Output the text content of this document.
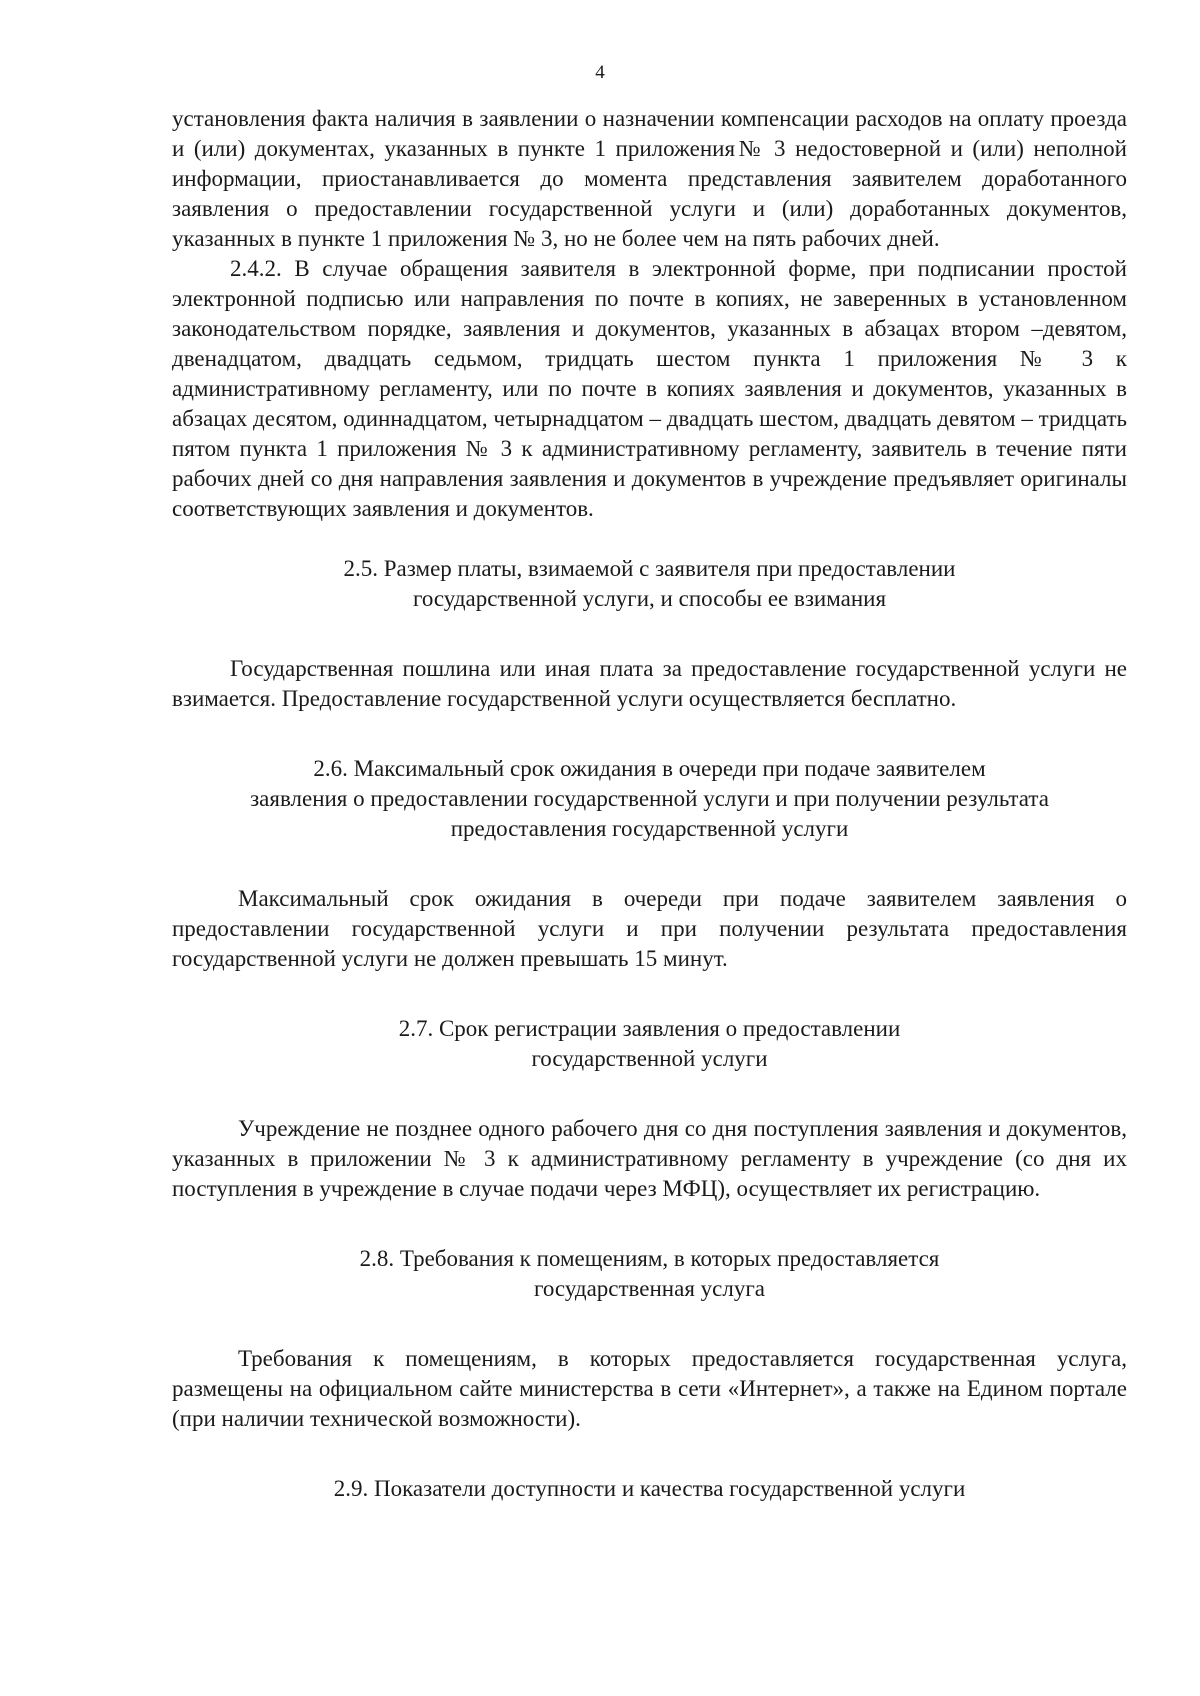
4

установления факта наличия в заявлении о назначении компенсации расходов на оплату проезда и (или) документах, указанных в пункте 1 приложения№ 3 недостоверной и (или) неполной информации, приостанавливается до момента представления заявителем доработанного заявления о предоставлении государственной услуги и (или) доработанных документов, указанных в пункте 1 приложения № 3, но не более чем на пять рабочих дней.

2.4.2. В случае обращения заявителя в электронной форме, при подписании простой электронной подписью или направления по почте в копиях, не заверенных в установленном законодательством порядке, заявления и документов, указанных в абзацах втором –девятом, двенадцатом, двадцать седьмом, тридцать шестом пункта 1 приложения № 3 к административному регламенту, или по почте в копиях заявления и документов, указанных в абзацах десятом, одиннадцатом, четырнадцатом – двадцать шестом, двадцать девятом – тридцать пятом пункта 1 приложения № 3 к административному регламенту, заявитель в течение пяти рабочих дней со дня направления заявления и документов в учреждение предъявляет оригиналы соответствующих заявления и документов.

2.5. Размер платы, взимаемой с заявителя при предоставлении
государственной услуги, и способы ее взимания

Государственная пошлина или иная плата за предоставление государственной услуги не взимается. Предоставление государственной услуги осуществляется бесплатно.

2.6. Максимальный срок ожидания в очереди при подаче заявителем
заявления о предоставлении государственной услуги и при получении результата
предоставления государственной услуги

Максимальный срок ожидания в очереди при подаче заявителем заявления о предоставлении государственной услуги и при получении результата предоставления государственной услуги не должен превышать 15 минут.

2.7. Срок регистрации заявления о предоставлении
государственной услуги

Учреждение не позднее одного рабочего дня со дня поступления заявления и документов, указанных в приложении № 3 к административному регламенту в учреждение (со дня их поступления в учреждение в случае подачи через МФЦ), осуществляет их регистрацию.

2.8. Требования к помещениям, в которых предоставляется
государственная услуга

Требования к помещениям, в которых предоставляется государственная услуга, размещены на официальном сайте министерства в сети «Интернет», а также на Едином портале (при наличии технической возможности).

2.9. Показатели доступности и качества государственной услуги
